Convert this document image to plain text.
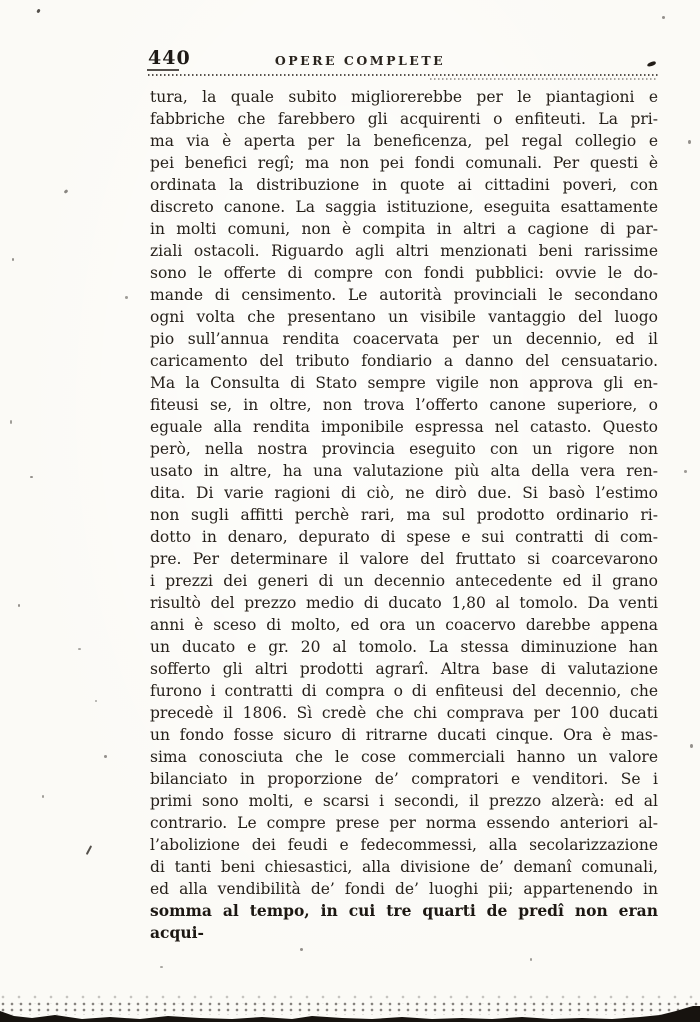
440	OPERE COMPLETE
tura, la quale subito migliorerebbe per le piantagioni e
fabbriche che farebbero gli acquirenti o enfiteuti. La pri-
ma via è aperta per la beneficenza, pel regal collegio e
pei benefici regî; ma non pei fondi comunali. Per questi è
ordinata la distribuzione in quote ai cittadini poveri, con
discreto canone. La saggia istituzione, eseguita esattamente
in molti comuni, non è compita in altri a cagione di par-
ziali ostacoli. Riguardo agli altri menzionati beni rarissime
sono le offerte di compre con fondi pubblici: ovvie le do-
mande di censimento. Le autorità provinciali le secondano
ogni volta che presentano un visibile vantaggio del luogo
pio sull’annua rendita coacervata per un decennio, ed il
caricamento del tributo fondiario a danno del censuatario.
Ma la Consulta di Stato sempre vigile non approva gli en-
fiteusi se, in oltre, non trova l’offerto canone superiore, o
eguale alla rendita imponibile espressa nel catasto. Questo
però, nella nostra provincia eseguito con un rigore non
usato in altre, ha una valutazione più alta della vera ren-
dita. Di varie ragioni di ciò, ne dirò due. Si basò l’estimo
non sugli affitti perchè rari, ma sul prodotto ordinario ri-
dotto in denaro, depurato di spese e sui contratti di com-
pre. Per determinare il valore del fruttato si coarcevarono
i prezzi dei generi di un decennio antecedente ed il grano
risultò del prezzo medio di ducato 1,80 al tomolo. Da venti
anni è sceso di molto, ed ora un coacervo darebbe appena
un ducato e gr. 20 al tomolo. La stessa diminuzione han
sofferto gli altri prodotti agrarî. Altra base di valutazione
furono i contratti di compra o di enfiteusi del decennio, che
precedè il 1806. Sì credè che chi comprava per 100 ducati
un fondo fosse sicuro di ritrarne ducati cinque. Ora è mas-
sima conosciuta che le cose commerciali hanno un valore
bilanciato in proporzione de’ compratori e venditori. Se i
primi sono molti, e scarsi i secondi, il prezzo alzerà: ed al
contrario. Le compre prese per norma essendo anteriori al-
l’abolizione dei feudi e fedecommessi, alla secolarizzazione
di tanti beni chiesastici, alla divisione de’ demanî comunali,
ed alla vendibilità de’ fondi de’ luoghi pii; appartenendo in
somma al tempo, in cui tre quarti de predî non eran acqui-
